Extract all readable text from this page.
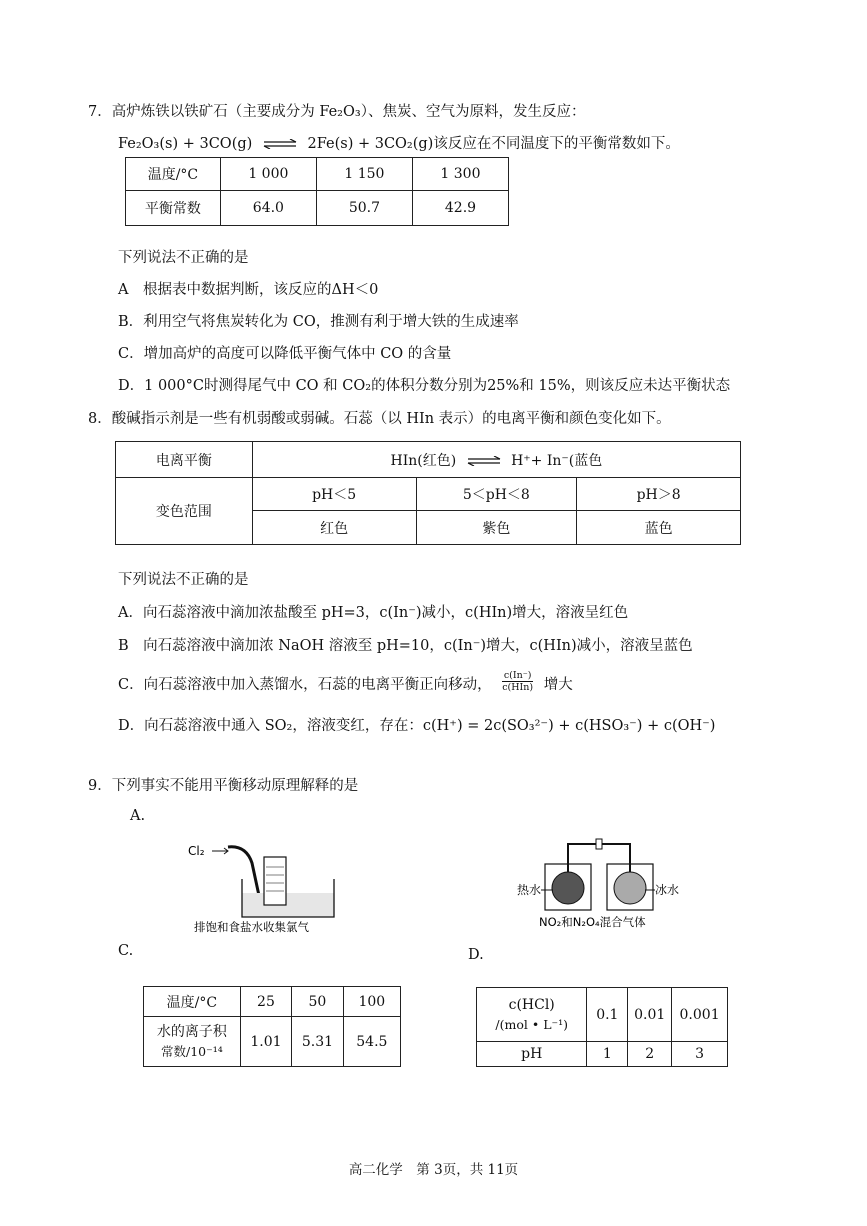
7．高炉炼铁以铁矿石（主要成分为 Fe₂O₃）、焦炭、空气为原料，发生反应：
Fe₂O₃(s) + 3CO(g) ⇌ 2Fe(s) + 3CO₂(g)该反应在不同温度下的平衡常数如下。
温度/°C	1 000	1 150	1 300
平衡常数	64.0	50.7	42.9
下列说法不正确的是
A　根据表中数据判断，该反应的ΔH＜0
B．利用空气将焦炭转化为 CO，推测有利于增大铁的生成速率
C．增加高炉的高度可以降低平衡气体中 CO 的含量
D．1 000°C时测得尾气中 CO 和 CO₂的体积分数分别为25%和 15%，则该反应未达平衡状态
8．酸碱指示剂是一些有机弱酸或弱碱。石蕊（以 HIn 表示）的电离平衡和颜色变化如下。
电离平衡	HIn(红色) ⇌ H⁺+ In⁻(蓝色		
变色范围	pH＜5	5＜pH＜8	pH＞8
	红色	紫色	蓝色
下列说法不正确的是
A．向石蕊溶液中滴加浓盐酸至 pH=3，c(In⁻)减小，c(HIn)增大，溶液呈红色
B　向石蕊溶液中滴加浓 NaOH 溶液至 pH=10，c(In⁻)增大，c(HIn)减小，溶液呈蓝色
C．向石蕊溶液中加入蒸馏水，石蕊的电离平衡正向移动，
c(In⁻)
c(HIn) 增大
D．向石蕊溶液中通入 SO₂，溶液变红，存在：c(H⁺) = 2c(SO₃²⁻) + c(HSO₃⁻) + c(OH⁻)
9．下列事实不能用平衡移动原理解释的是
A.
Cl₂
排饱和食盐水收集氯气
热水	冰水
NO₂和N₂O₄混合气体
C.	D.
温度/°C	25	50	100

水的离子积
常数/10⁻¹⁴	1.01	5.31	54.5
c(HCl)
/(mol • L⁻¹)	0.1	0.01	0.001
pH	1	2	3
高二化学　第 3页，共 11页
